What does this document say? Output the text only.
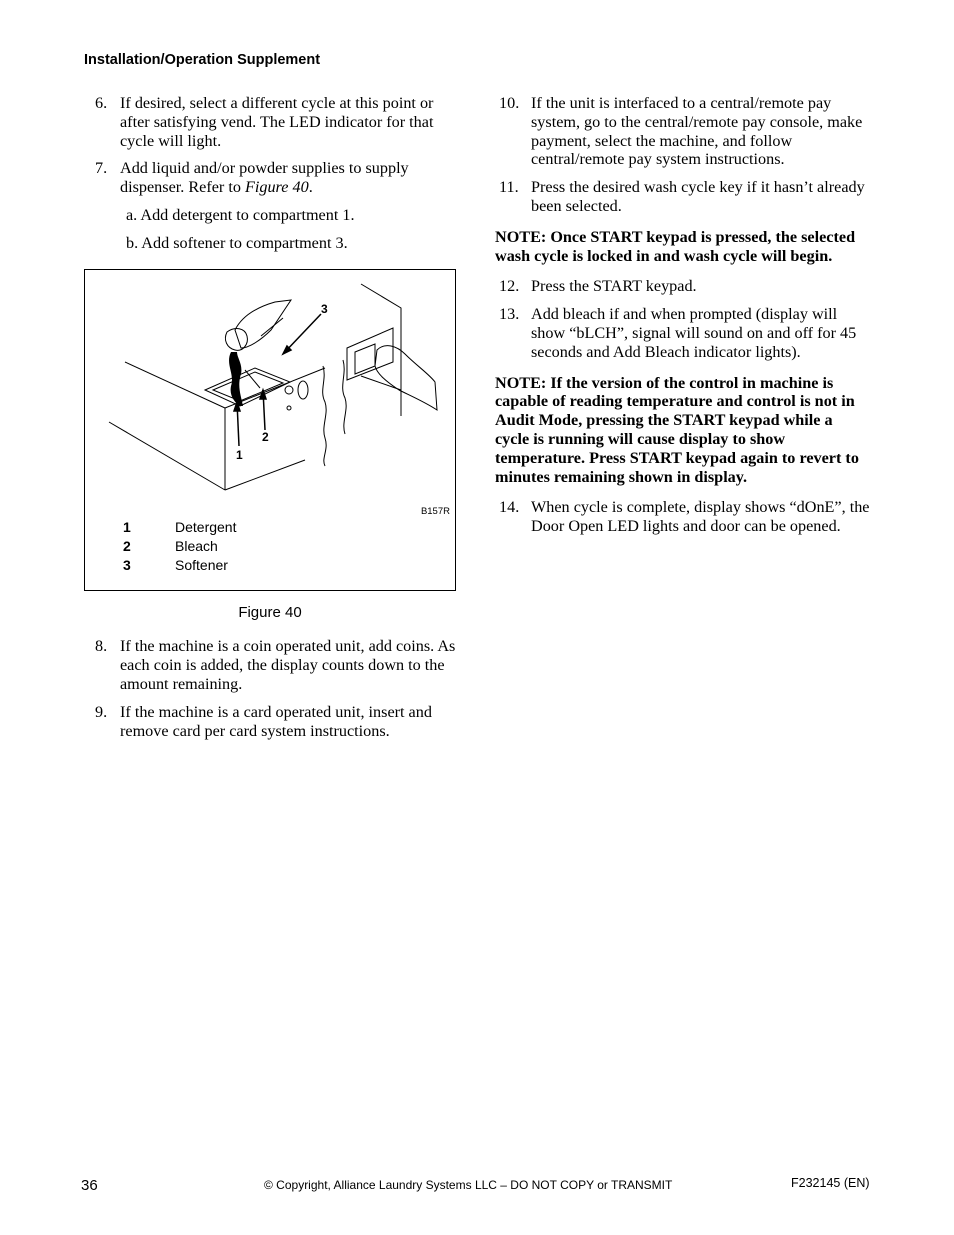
Installation/Operation Supplement
6. If desired, select a different cycle at this point or after satisfying vend. The LED indicator for that cycle will light.
7. Add liquid and/or powder supplies to supply dispenser. Refer to Figure 40.
a. Add detergent to compartment 1.
b. Add softener to compartment 3.
3
2
1
B157R
1	Detergent
2	Bleach
3	Softener
Figure 40
8. If the machine is a coin operated unit, add coins. As each coin is added, the display counts down to the amount remaining.
9. If the machine is a card operated unit, insert and remove card per card system instructions.
10. If the unit is interfaced to a central/remote pay system, go to the central/remote pay console, make payment, select the machine, and follow central/remote pay system instructions.
11. Press the desired wash cycle key if it hasn’t already been selected.
NOTE: Once START keypad is pressed, the selected wash cycle is locked in and wash cycle will begin.
12. Press the START keypad.
13. Add bleach if and when prompted (display will show “bLCH”, signal will sound on and off for 45 seconds and Add Bleach indicator lights).
NOTE: If the version of the control in machine is capable of reading temperature and control is not in Audit Mode, pressing the START keypad while a cycle is running will cause display to show temperature. Press START keypad again to revert to minutes remaining shown in display.
14. When cycle is complete, display shows “dOnE”, the Door Open LED lights and door can be opened.
36	© Copyright, Alliance Laundry Systems LLC – DO NOT COPY or TRANSMIT	F232145 (EN)
